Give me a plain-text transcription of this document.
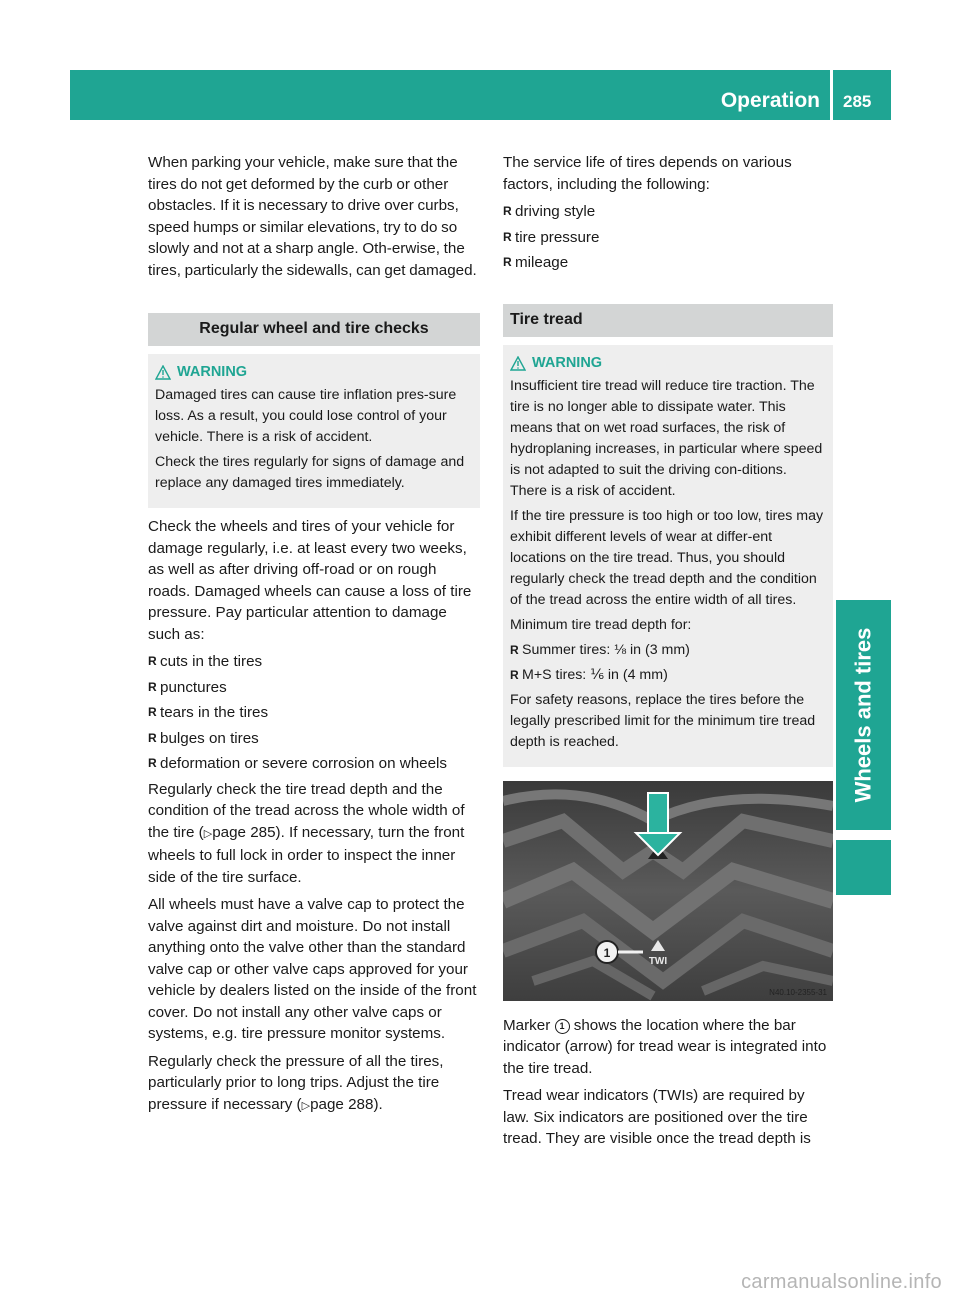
Operation 285
Wheels and tires

When parking your vehicle, make sure that the tires do not get deformed by the curb or other obstacles. If it is necessary to drive over curbs, speed humps or similar elevations, try to do so slowly and not at a sharp angle. Oth-erwise, the tires, particularly the sidewalls, can get damaged.

Regular wheel and tire checks
WARNING

Damaged tires can cause tire inflation pres-sure loss. As a result, you could lose control of your vehicle. There is a risk of accident.

Check the tires regularly for signs of damage and replace any damaged tires immediately.

Check the wheels and tires of your vehicle for damage regularly, i.e. at least every two weeks, as well as after driving off-road or on rough roads. Damaged wheels can cause a loss of tire pressure. Pay particular attention to damage such as:

R cuts in the tires
R punctures
R tears in the tires
R bulges on tires
R deformation or severe corrosion on wheels

Regularly check the tire tread depth and the condition of the tread across the whole width of the tire (▷page 285). If necessary, turn the front wheels to full lock in order to inspect the inner side of the tire surface.

All wheels must have a valve cap to protect the valve against dirt and moisture. Do not install anything onto the valve other than the standard valve cap or other valve caps approved for your vehicle by dealers listed on the inside of the front cover. Do not install any other valve caps or systems, e.g. tire pressure monitor systems.

Regularly check the pressure of all the tires, particularly prior to long trips. Adjust the tire pressure if necessary (▷page 288).

The service life of tires depends on various factors, including the following:

R driving style
R tire pressure
R mileage
Tire tread
WARNING

Insufficient tire tread will reduce tire traction. The tire is no longer able to dissipate water. This means that on wet road surfaces, the risk of hydroplaning increases, in particular where speed is not adapted to suit the driving con-ditions. There is a risk of accident.

If the tire pressure is too high or too low, tires may exhibit different levels of wear at differ-ent locations on the tire tread. Thus, you should regularly check the tread depth and the condition of the tread across the entire width of all tires.

Minimum tire tread depth for:

R Summer tires: ⅛ in (3 mm)
R M+S tires: ⅙ in (4 mm)

For safety reasons, replace the tires before the legally prescribed limit for the minimum tire tread depth is reached.

1
TWI
N40.10-2355-31

Marker 1 shows the location where the bar indicator (arrow) for tread wear is integrated into the tire tread.

Tread wear indicators (TWIs) are required by law. Six indicators are positioned over the tire tread. They are visible once the tread depth is

carmanualsonline.info
